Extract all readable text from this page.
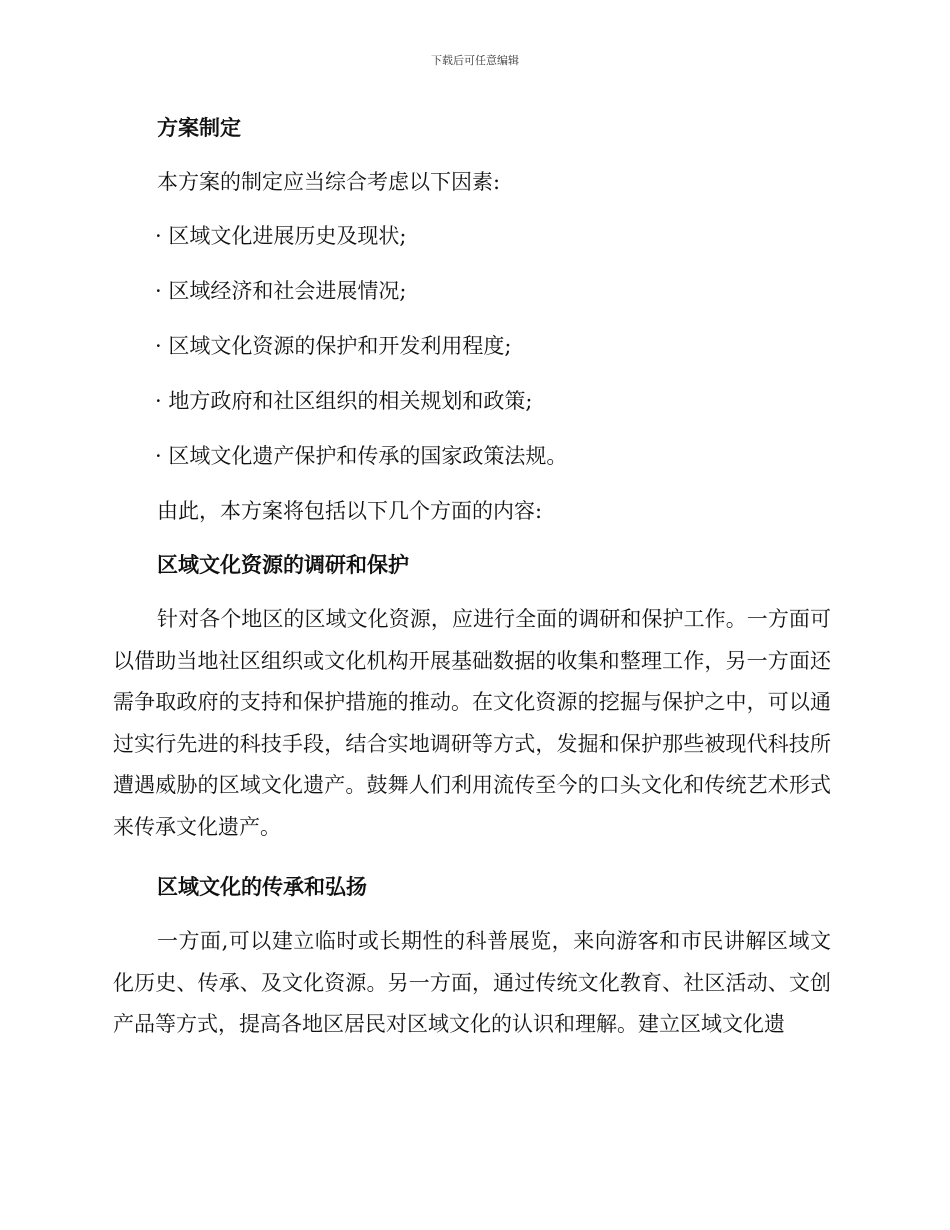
下载后可任意编辑
方案制定
本方案的制定应当综合考虑以下因素:
· 区域文化进展历史及现状;
· 区域经济和社会进展情况;
· 区域文化资源的保护和开发利用程度;
· 地方政府和社区组织的相关规划和政策;
· 区域文化遗产保护和传承的国家政策法规。
由此，本方案将包括以下几个方面的内容:
区域文化资源的调研和保护
针对各个地区的区域文化资源，应进行全面的调研和保护工作。一方面可以借助当地社区组织或文化机构开展基础数据的收集和整理工作，另一方面还需争取政府的支持和保护措施的推动。在文化资源的挖掘与保护之中，可以通过实行先进的科技手段，结合实地调研等方式，发掘和保护那些被现代科技所遭遇威胁的区域文化遗产。鼓舞人们利用流传至今的口头文化和传统艺术形式来传承文化遗产。
区域文化的传承和弘扬
一方面,可以建立临时或长期性的科普展览，来向游客和市民讲解区域文化历史、传承、及文化资源。另一方面，通过传统文化教育、社区活动、文创产品等方式，提高各地区居民对区域文化的认识和理解。建立区域文化遗
